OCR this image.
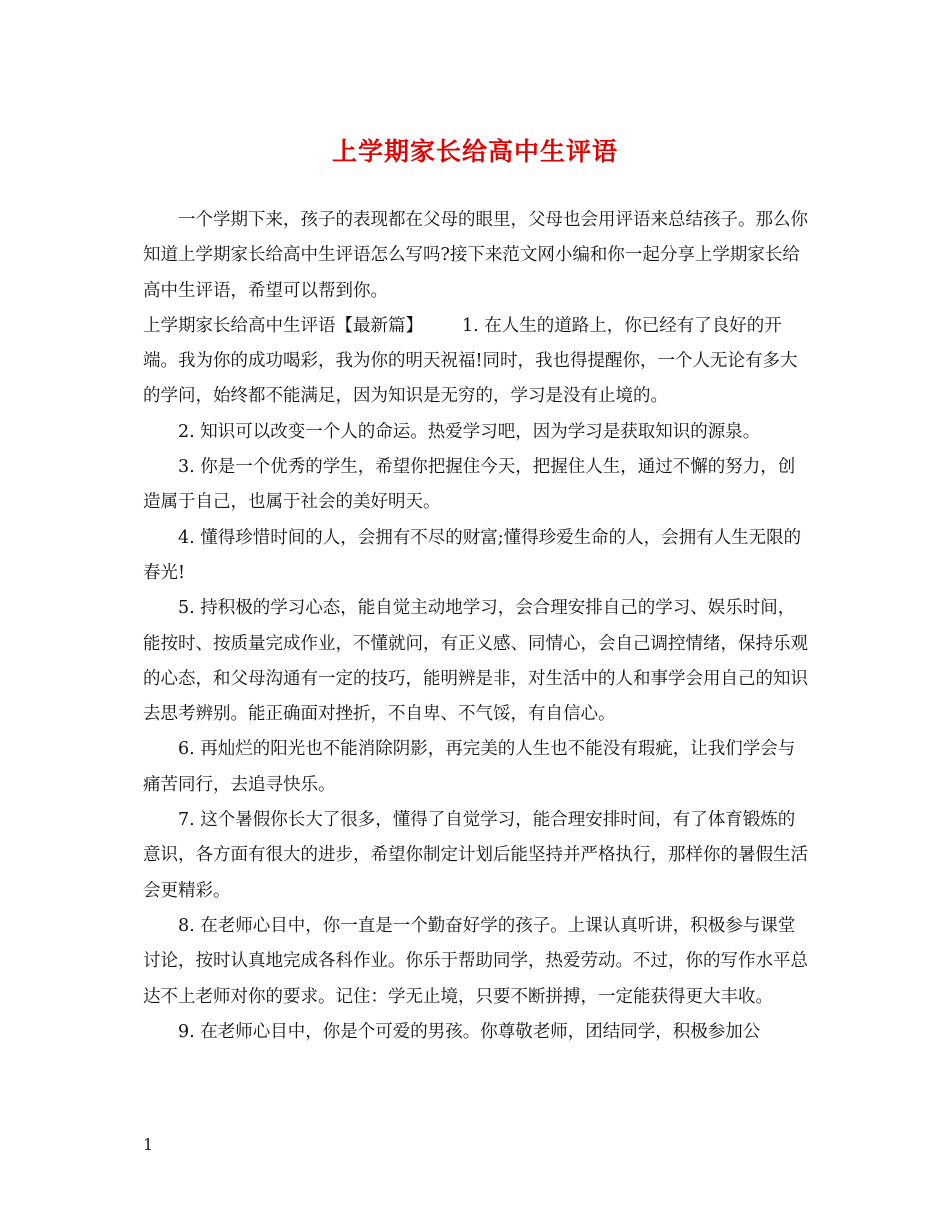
上学期家长给高中生评语

一个学期下来，孩子的表现都在父母的眼里，父母也会用评语来总结孩子。那么你知道上学期家长给高中生评语怎么写吗?接下来范文网小编和你一起分享上学期家长给高中生评语，希望可以帮到你。

上学期家长给高中生评语【最新篇】 1. 在人生的道路上，你已经有了良好的开端。我为你的成功喝彩，我为你的明天祝福!同时，我也得提醒你，一个人无论有多大的学问，始终都不能满足，因为知识是无穷的，学习是没有止境的。

2. 知识可以改变一个人的命运。热爱学习吧，因为学习是获取知识的源泉。

3. 你是一个优秀的学生，希望你把握住今天，把握住人生，通过不懈的努力，创造属于自己，也属于社会的美好明天。

4. 懂得珍惜时间的人，会拥有不尽的财富;懂得珍爱生命的人，会拥有人生无限的春光!

5. 持积极的学习心态，能自觉主动地学习，会合理安排自己的学习、娱乐时间，能按时、按质量完成作业，不懂就问，有正义感、同情心，会自己调控情绪，保持乐观的心态，和父母沟通有一定的技巧，能明辨是非，对生活中的人和事学会用自己的知识去思考辨别。能正确面对挫折，不自卑、不气馁，有自信心。

6. 再灿烂的阳光也不能消除阴影，再完美的人生也不能没有瑕疵，让我们学会与痛苦同行，去追寻快乐。

7. 这个暑假你长大了很多，懂得了自觉学习，能合理安排时间，有了体育锻炼的意识，各方面有很大的进步，希望你制定计划后能坚持并严格执行，那样你的暑假生活会更精彩。

8. 在老师心目中，你一直是一个勤奋好学的孩子。上课认真听讲，积极参与课堂讨论，按时认真地完成各科作业。你乐于帮助同学，热爱劳动。不过，你的写作水平总达不上老师对你的要求。记住：学无止境，只要不断拼搏，一定能获得更大丰收。

9. 在老师心目中，你是个可爱的男孩。你尊敬老师，团结同学，积极参加公

1
